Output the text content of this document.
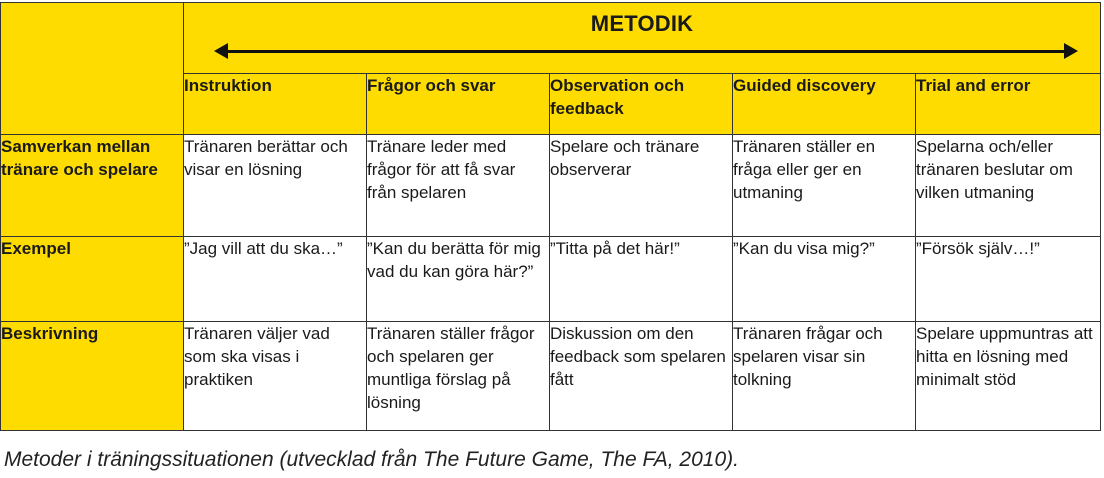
	METODIK				

	Instruktion	Frågor och svar	Observation och feedback	Guided discovery	Trial and error
Samverkan mellan tränare och spelare	Tränaren berättar och visar en lösning	Tränare leder med frågor för att få svar från spelaren	Spelare och tränare observerar	Tränaren ställer en fråga eller ger en utmaning	Spelarna och/eller tränaren beslutar om vilken utmaning
Exempel	”Jag vill att du ska…”	”Kan du berätta för mig vad du kan göra här?”	”Titta på det här!”	”Kan du visa mig?”	”Försök själv…!”
Beskrivning	Tränaren väljer vad som ska visas i praktiken	Tränaren ställer frågor och spelaren ger muntliga förslag på lösning	Diskussion om den feedback som spelaren fått	Tränaren frågar och spelaren visar sin tolkning	Spelare uppmuntras att hitta en lösning med minimalt stöd
Metoder i träningssituationen (utvecklad från The Future Game, The FA, 2010).
